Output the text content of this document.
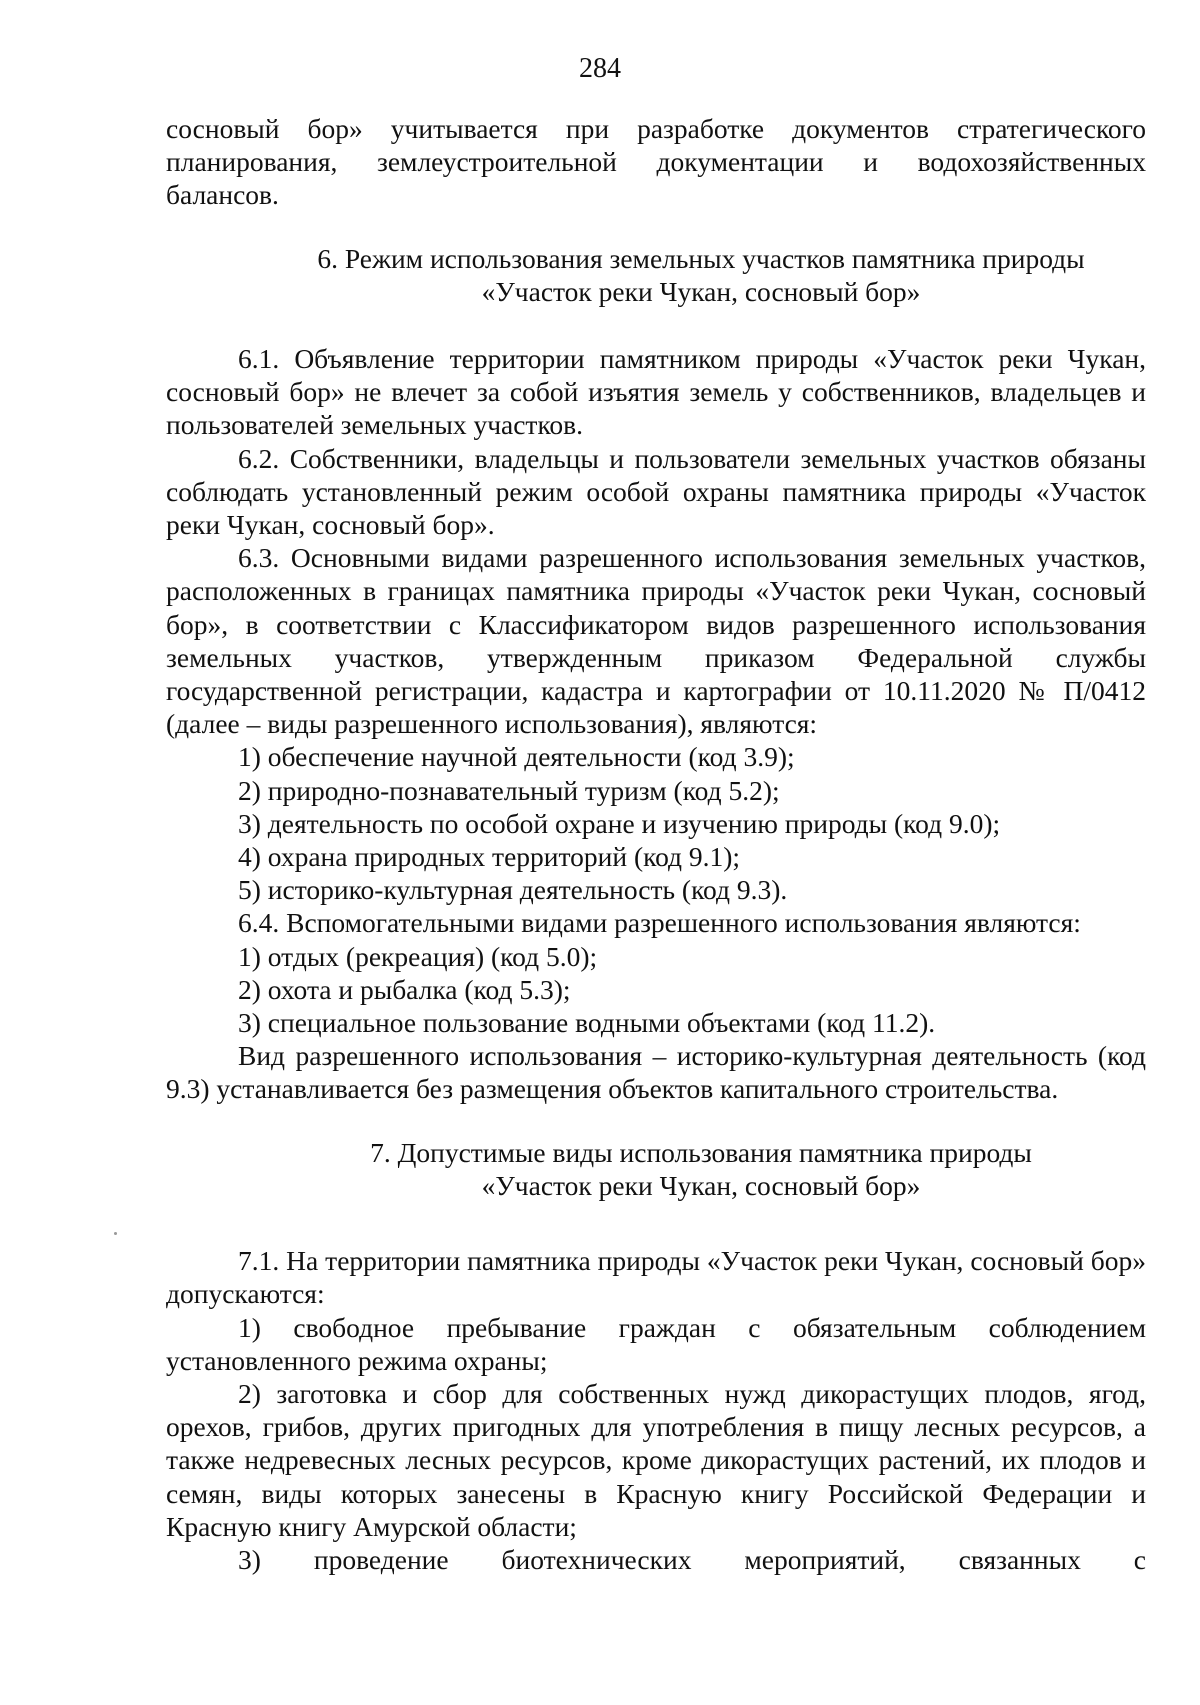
284

сосновый бор» учитывается при разработке документов стратегического

планирования, землеустроительной документации и водохозяйственных

балансов.

6. Режим использования земельных участков памятника природы

«Участок реки Чукан, сосновый бор»

6.1. Объявление территории памятником природы «Участок реки Чукан, сосновый бор» не влечет за собой изъятия земель у собственников, владельцев и пользователей земельных участков.

6.2. Собственники, владельцы и пользователи земельных участков обязаны соблюдать установленный режим особой охраны памятника природы «Участок реки Чукан, сосновый бор».

6.3. Основными видами разрешенного использования земельных участков, расположенных в границах памятника природы «Участок реки Чукан, сосновый бор», в соответствии с Классификатором видов разрешенного использования земельных участков, утвержденным приказом Федеральной службы государственной регистрации, кадастра и картографии от 10.11.2020 № П/0412 (далее – виды разрешенного использования), являются:

1) обеспечение научной деятельности (код 3.9);

2) природно-познавательный туризм (код 5.2);

3) деятельность по особой охране и изучению природы (код 9.0);

4) охрана природных территорий (код 9.1);

5) историко-культурная деятельность (код 9.3).

6.4. Вспомогательными видами разрешенного использования являются:

1) отдых (рекреация) (код 5.0);

2) охота и рыбалка (код 5.3);

3) специальное пользование водными объектами (код 11.2).

Вид разрешенного использования – историко-культурная деятельность (код 9.3) устанавливается без размещения объектов капитального строительства.

7. Допустимые виды использования памятника природы

«Участок реки Чукан, сосновый бор»

7.1. На территории памятника природы «Участок реки Чукан, сосновый бор» допускаются:

1) свободное пребывание граждан с обязательным соблюдением установленного режима охраны;

2) заготовка и сбор для собственных нужд дикорастущих плодов, ягод, орехов, грибов, других пригодных для употребления в пищу лесных ресурсов, а также недревесных лесных ресурсов, кроме дикорастущих растений, их плодов и семян, виды которых занесены в Красную книгу Российской Федерации и Красную книгу Амурской области;

3) проведение биотехнических мероприятий, связанных с
